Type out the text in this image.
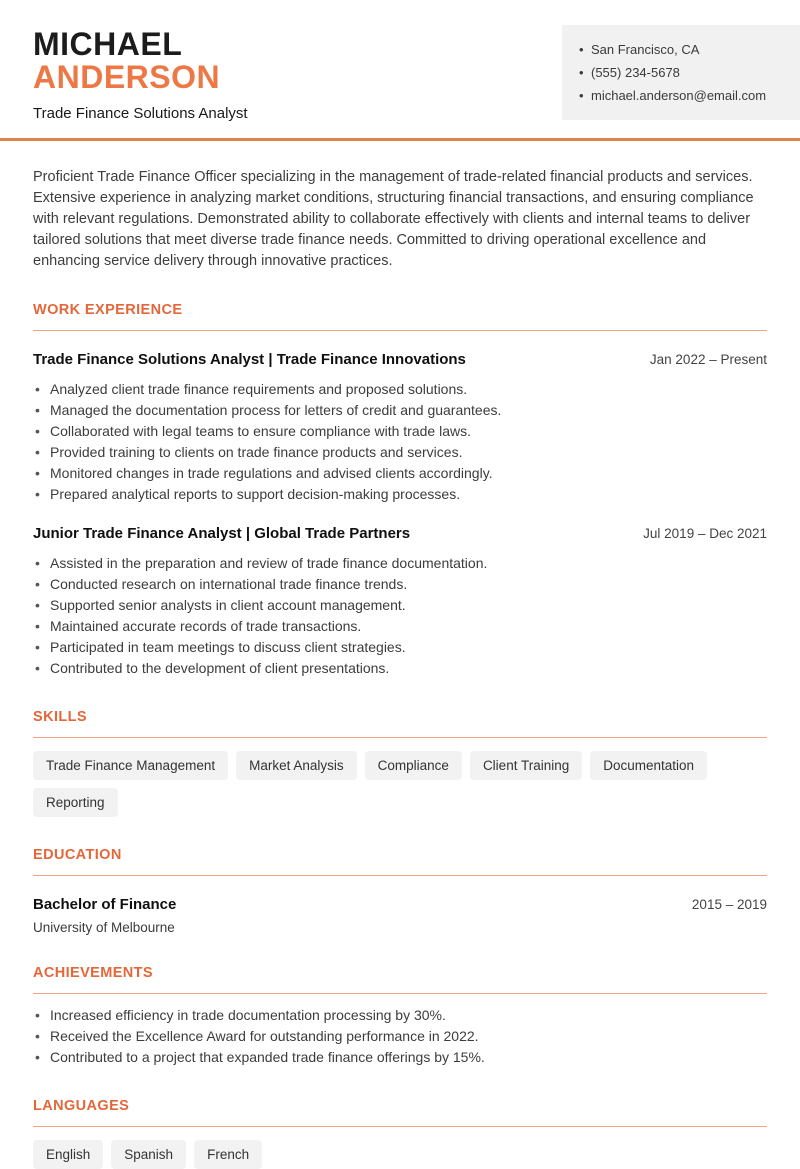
MICHAEL
ANDERSON
Trade Finance Solutions Analyst
• San Francisco, CA
• (555) 234-5678
• michael.anderson@email.com

Proficient Trade Finance Officer specializing in the management of trade-related financial products and services. Extensive experience in analyzing market conditions, structuring financial transactions, and ensuring compliance with relevant regulations. Demonstrated ability to collaborate effectively with clients and internal teams to deliver tailored solutions that meet diverse trade finance needs. Committed to driving operational excellence and enhancing service delivery through innovative practices.

WORK EXPERIENCE
Trade Finance Solutions Analyst | Trade Finance Innovations	Jan 2022 – Present
• Analyzed client trade finance requirements and proposed solutions.
• Managed the documentation process for letters of credit and guarantees.
• Collaborated with legal teams to ensure compliance with trade laws.
• Provided training to clients on trade finance products and services.
• Monitored changes in trade regulations and advised clients accordingly.
• Prepared analytical reports to support decision-making processes.
Junior Trade Finance Analyst | Global Trade Partners	Jul 2019 – Dec 2021
• Assisted in the preparation and review of trade finance documentation.
• Conducted research on international trade finance trends.
• Supported senior analysts in client account management.
• Maintained accurate records of trade transactions.
• Participated in team meetings to discuss client strategies.
• Contributed to the development of client presentations.
SKILLS
Trade Finance Management	Market Analysis	Compliance	Client Training	Documentation
Reporting
EDUCATION
Bachelor of Finance	2015 – 2019
University of Melbourne
ACHIEVEMENTS
• Increased efficiency in trade documentation processing by 30%.
• Received the Excellence Award for outstanding performance in 2022.
• Contributed to a project that expanded trade finance offerings by 15%.
LANGUAGES
English	Spanish	French
